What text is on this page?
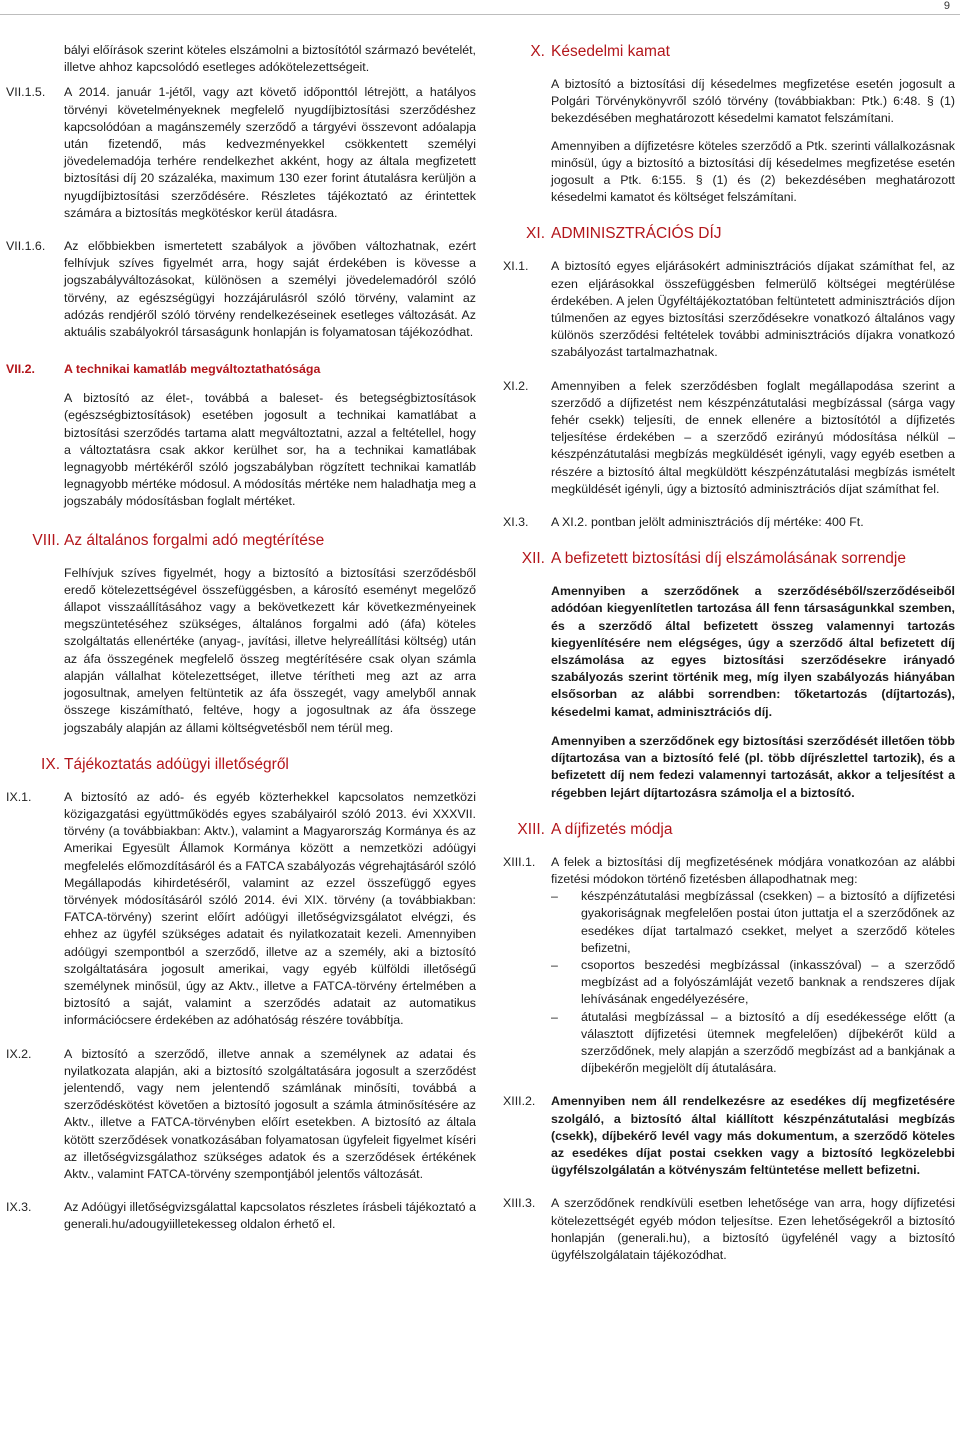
9
bályi előírások szerint köteles elszámolni a biztosítótól származó bevételét, illetve ahhoz kapcsolódó esetleges adókötelezettségeit.
VII.1.5. A 2014. január 1-jétől, vagy azt követő időponttól létrejött, a hatályos törvényi követelményeknek megfelelő nyugdíjbiztosítási szerződéshez kapcsolódóan a magánszemély szerződő a tárgyévi összevont adóalapja után fizetendő, más kedvezményekkel csökkentett személyi jövedelemadója terhére rendelkezhet akként, hogy az általa megfizetett biztosítási díj 20 százaléka, maximum 130 ezer forint átutalásra kerüljön a nyugdíjbiztosítási szerződésére. Részletes tájékoztató az érintettek számára a biztosítás megkötéskor kerül átadásra.
VII.1.6. Az előbbiekben ismertetett szabályok a jövőben változhatnak, ezért felhívjuk szíves figyelmét arra, hogy saját érdekében is kövesse a jogszabályváltozásokat, különösen a személyi jövedelemadóról szóló törvény, az egészségügyi hozzájárulásról szóló törvény, valamint az adózás rendjéről szóló törvény rendelkezéseinek esetleges változását. Az aktuális szabályokról társaságunk honlapján is folyamatosan tájékozódhat.
VII.2. A technikai kamatláb megváltoztathatósága
A biztosító az élet-, továbbá a baleset- és betegségbiztosítások (egészségbiztosítások) esetében jogosult a technikai kamatlábat a biztosítási szerződés tartama alatt megváltoztatni, azzal a feltétellel, hogy a változtatásra csak akkor kerülhet sor, ha a technikai kamatlábak legnagyobb mértékéről szóló jogszabályban rögzített technikai kamatláb legnagyobb mértéke módosul. A módosítás mértéke nem haladhatja meg a jogszabály módosításban foglalt mértéket.
VIII. Az általános forgalmi adó megtérítése
Felhívjuk szíves figyelmét, hogy a biztosító a biztosítási szerződésből eredő kötelezettségével összefüggésben, a károsító eseményt megelőző állapot visszaállításához vagy a bekövetkezett kár következményeinek megszüntetéséhez szükséges, általános forgalmi adó (áfa) köteles szolgáltatás ellenértéke (anyag-, javítási, illetve helyreállítási költség) után az áfa összegének megfelelő összeg megtérítésére csak olyan számla alapján vállalhat kötelezettséget, illetve térítheti meg azt az arra jogosultnak, amelyen feltüntetik az áfa összegét, vagy amelyből annak összege kiszámítható, feltéve, hogy a jogosultnak az áfa összege jogszabály alapján az állami költségvetésből nem térül meg.
IX. Tájékoztatás adóügyi illetőségről
IX.1.	A biztosító az adó- és egyéb közterhekkel kapcsolatos nemzetközi közigazgatási együttműködés egyes szabályairól szóló 2013. évi XXXVII. törvény (a továbbiakban: Aktv.), valamint a Magyarország Kormánya és az Amerikai Egyesült Államok Kormánya között a nemzetközi adóügyi megfelelés előmozdításáról és a FATCA szabályozás végrehajtásáról szóló Megállapodás kihirdetéséről, valamint az ezzel összefüggő egyes törvények módosításáról szóló 2014. évi XIX. törvény (a továbbiakban: FATCA-törvény) szerint előírt adóügyi illetőségvizsgálatot elvégzi, és ehhez az ügyfél szükséges adatait és nyilatkozatait kezeli. Amennyiben adóügyi szempontból a szerződő, illetve az a személy, aki a biztosító szolgáltatására jogosult amerikai, vagy egyéb külföldi illetőségű személynek minősül, úgy az Aktv., illetve a FATCA-törvény értelmében a biztosító a saját, valamint a szerződés adatait az automatikus információcsere érdekében az adóhatóság részére továbbítja.
IX.2.	A biztosító a szerződő, illetve annak a személynek az adatai és nyilatkozata alapján, aki a biztosító szolgáltatására jogosult a szerződést jelentendő, vagy nem jelentendő számlának minősíti, továbbá a szerződéskötést követően a biztosító jogosult a számla átminősítésére az Aktv., illetve a FATCA-törvényben előírt esetekben. A biztosító az általa kötött szerződések vonatkozásában folyamatosan ügyfeleit figyelmet kíséri az illetőségvizsgálathoz szükséges adatok és a szerződések értékének Aktv., valamint FATCA-törvény szempontjából jelentős változását.
IX.3.	Az Adóügyi illetőségvizsgálattal kapcsolatos részletes írásbeli tájékoztató a generali.hu/adougyiilletekesseg oldalon érhető el.
X. Késedelmi kamat
A biztosító a biztosítási díj késedelmes megfizetése esetén jogosult a Polgári Törvénykönyvről szóló törvény (továbbiakban: Ptk.) 6:48. § (1) bekezdésében meghatározott késedelmi kamatot felszámítani.
Amennyiben a díjfizetésre köteles szerződő a Ptk. szerinti vállalkozásnak minősül, úgy a biztosító a biztosítási díj késedelmes megfizetése esetén jogosult a Ptk. 6:155. § (1) és (2) bekezdésében meghatározott késedelmi kamatot és költséget felszámítani.
XI. ADMINISZTRÁCIÓS DÍJ
XI.1. A biztosító egyes eljárásokért adminisztrációs díjakat számíthat fel, az ezen eljárásokkal összefüggésben felmerülő költségei megtérülése érdekében. A jelen Ügyféltájékoztatóban feltüntetett adminisztrációs díjon túlmenően az egyes biztosítási szerződésekre vonatkozó általános vagy különös szerződési feltételek további adminisztrációs díjakra vonatkozó szabályozást tartalmazhatnak.
XI.2. Amennyiben a felek szerződésben foglalt megállapodása szerint a szerződő a díjfizetést nem készpénzátutalási megbízással (sárga vagy fehér csekk) teljesíti, de ennek ellenére a biztosítótól a díjfizetés teljesítése érdekében – a szerződő ezirányú módosítása nélkül – készpénzátutalási megbízás megküldését igényli, vagy egyéb esetben a részére a biztosító által megküldött készpénzátutalási megbízás ismételt megküldését igényli, úgy a biztosító adminisztrációs díjat számíthat fel.
XI.3. A XI.2. pontban jelölt adminisztrációs díj mértéke: 400 Ft.
XII. A befizetett biztosítási díj elszámolásának sorrendje
Amennyiben a szerződőnek a szerződéséből/szerződéseiből adódóan kiegyenlítetlen tartozása áll fenn társaságunkkal szemben, és a szerződő által befizetett összeg valamennyi tartozás kiegyenlítésére nem elégséges, úgy a szerződő által befizetett díj elszámolása az egyes biztosítási szerződésekre irányadó szabályozás szerint történik meg, míg ilyen szabályozás hiányában elsősorban az alábbi sorrendben: tőketartozás (díjtartozás), késedelmi kamat, adminisztrációs díj.
Amennyiben a szerződőnek egy biztosítási szerződését illetően több díjtartozása van a biztosító felé (pl. több díjrészlettel tartozik), és a befizetett díj nem fedezi valamennyi tartozását, akkor a teljesítést a régebben lejárt díjtartozásra számolja el a biztosító.
XIII. A díjfizetés módja
XIII.1. A felek a biztosítási díj megfizetésének módjára vonatkozóan az alábbi fizetési módokon történő fizetésben állapodhatnak meg:
– készpénzátutalási megbízással (csekken) – a biztosító a díjfizetési gyakoriságnak megfelelően postai úton juttatja el a szerződőnek az esedékes díjat tartalmazó csekket, melyet a szerződő köteles befizetni,
– csoportos beszedési megbízással (inkasszóval) – a szerződő megbízást ad a folyószámláját vezető banknak a rendszeres díjak lehívásának engedélyezésére,
– átutalási megbízással – a biztosító a díj esedékessége előtt (a választott díjfizetési ütemnek megfelelően) díjbekérőt küld a szerződőnek, mely alapján a szerződő megbízást ad a bankjának a díjbekérőn megjelölt díj átutalására.
XIII.2. Amennyiben nem áll rendelkezésre az esedékes díj megfizetésére szolgáló, a biztosító által kiállított készpénzátutalási megbízás (csekk), díjbekérő levél vagy más dokumentum, a szerződő köteles az esedékes díjat postai csekken vagy a biztosító legközelebbi ügyfélszolgálatán a kötvényszám feltüntetése mellett befizetni.
XIII.3. A szerződőnek rendkívüli esetben lehetősége van arra, hogy díjfizetési kötelezettségét egyéb módon teljesítse. Ezen lehetőségekről a biztosító honlapján (generali.hu), a biztosító ügyfelénél vagy a biztosító ügyfélszolgálatain tájékozódhat.
